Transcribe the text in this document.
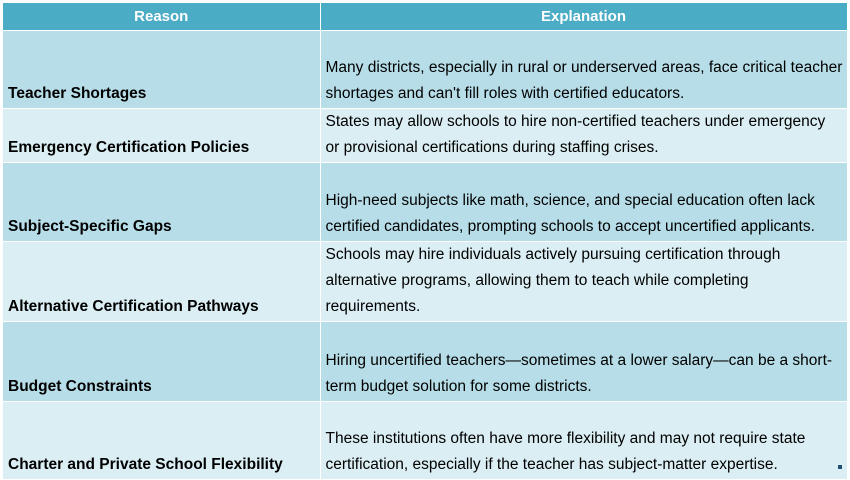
Reason	Explanation
Teacher Shortages	Many districts, especially in rural or underserved areas, face critical teacher shortages and can't fill roles with certified educators.
Emergency Certification Policies	States may allow schools to hire non-certified teachers under emergency or provisional certifications during staffing crises.
Subject-Specific Gaps	High-need subjects like math, science, and special education often lack certified candidates, prompting schools to accept uncertified applicants.
Alternative Certification Pathways	Schools may hire individuals actively pursuing certification through alternative programs, allowing them to teach while completing requirements.
Budget Constraints	Hiring uncertified teachers—sometimes at a lower salary—can be a short-term budget solution for some districts.
Charter and Private School Flexibility	These institutions often have more flexibility and may not require state certification, especially if the teacher has subject-matter expertise.
